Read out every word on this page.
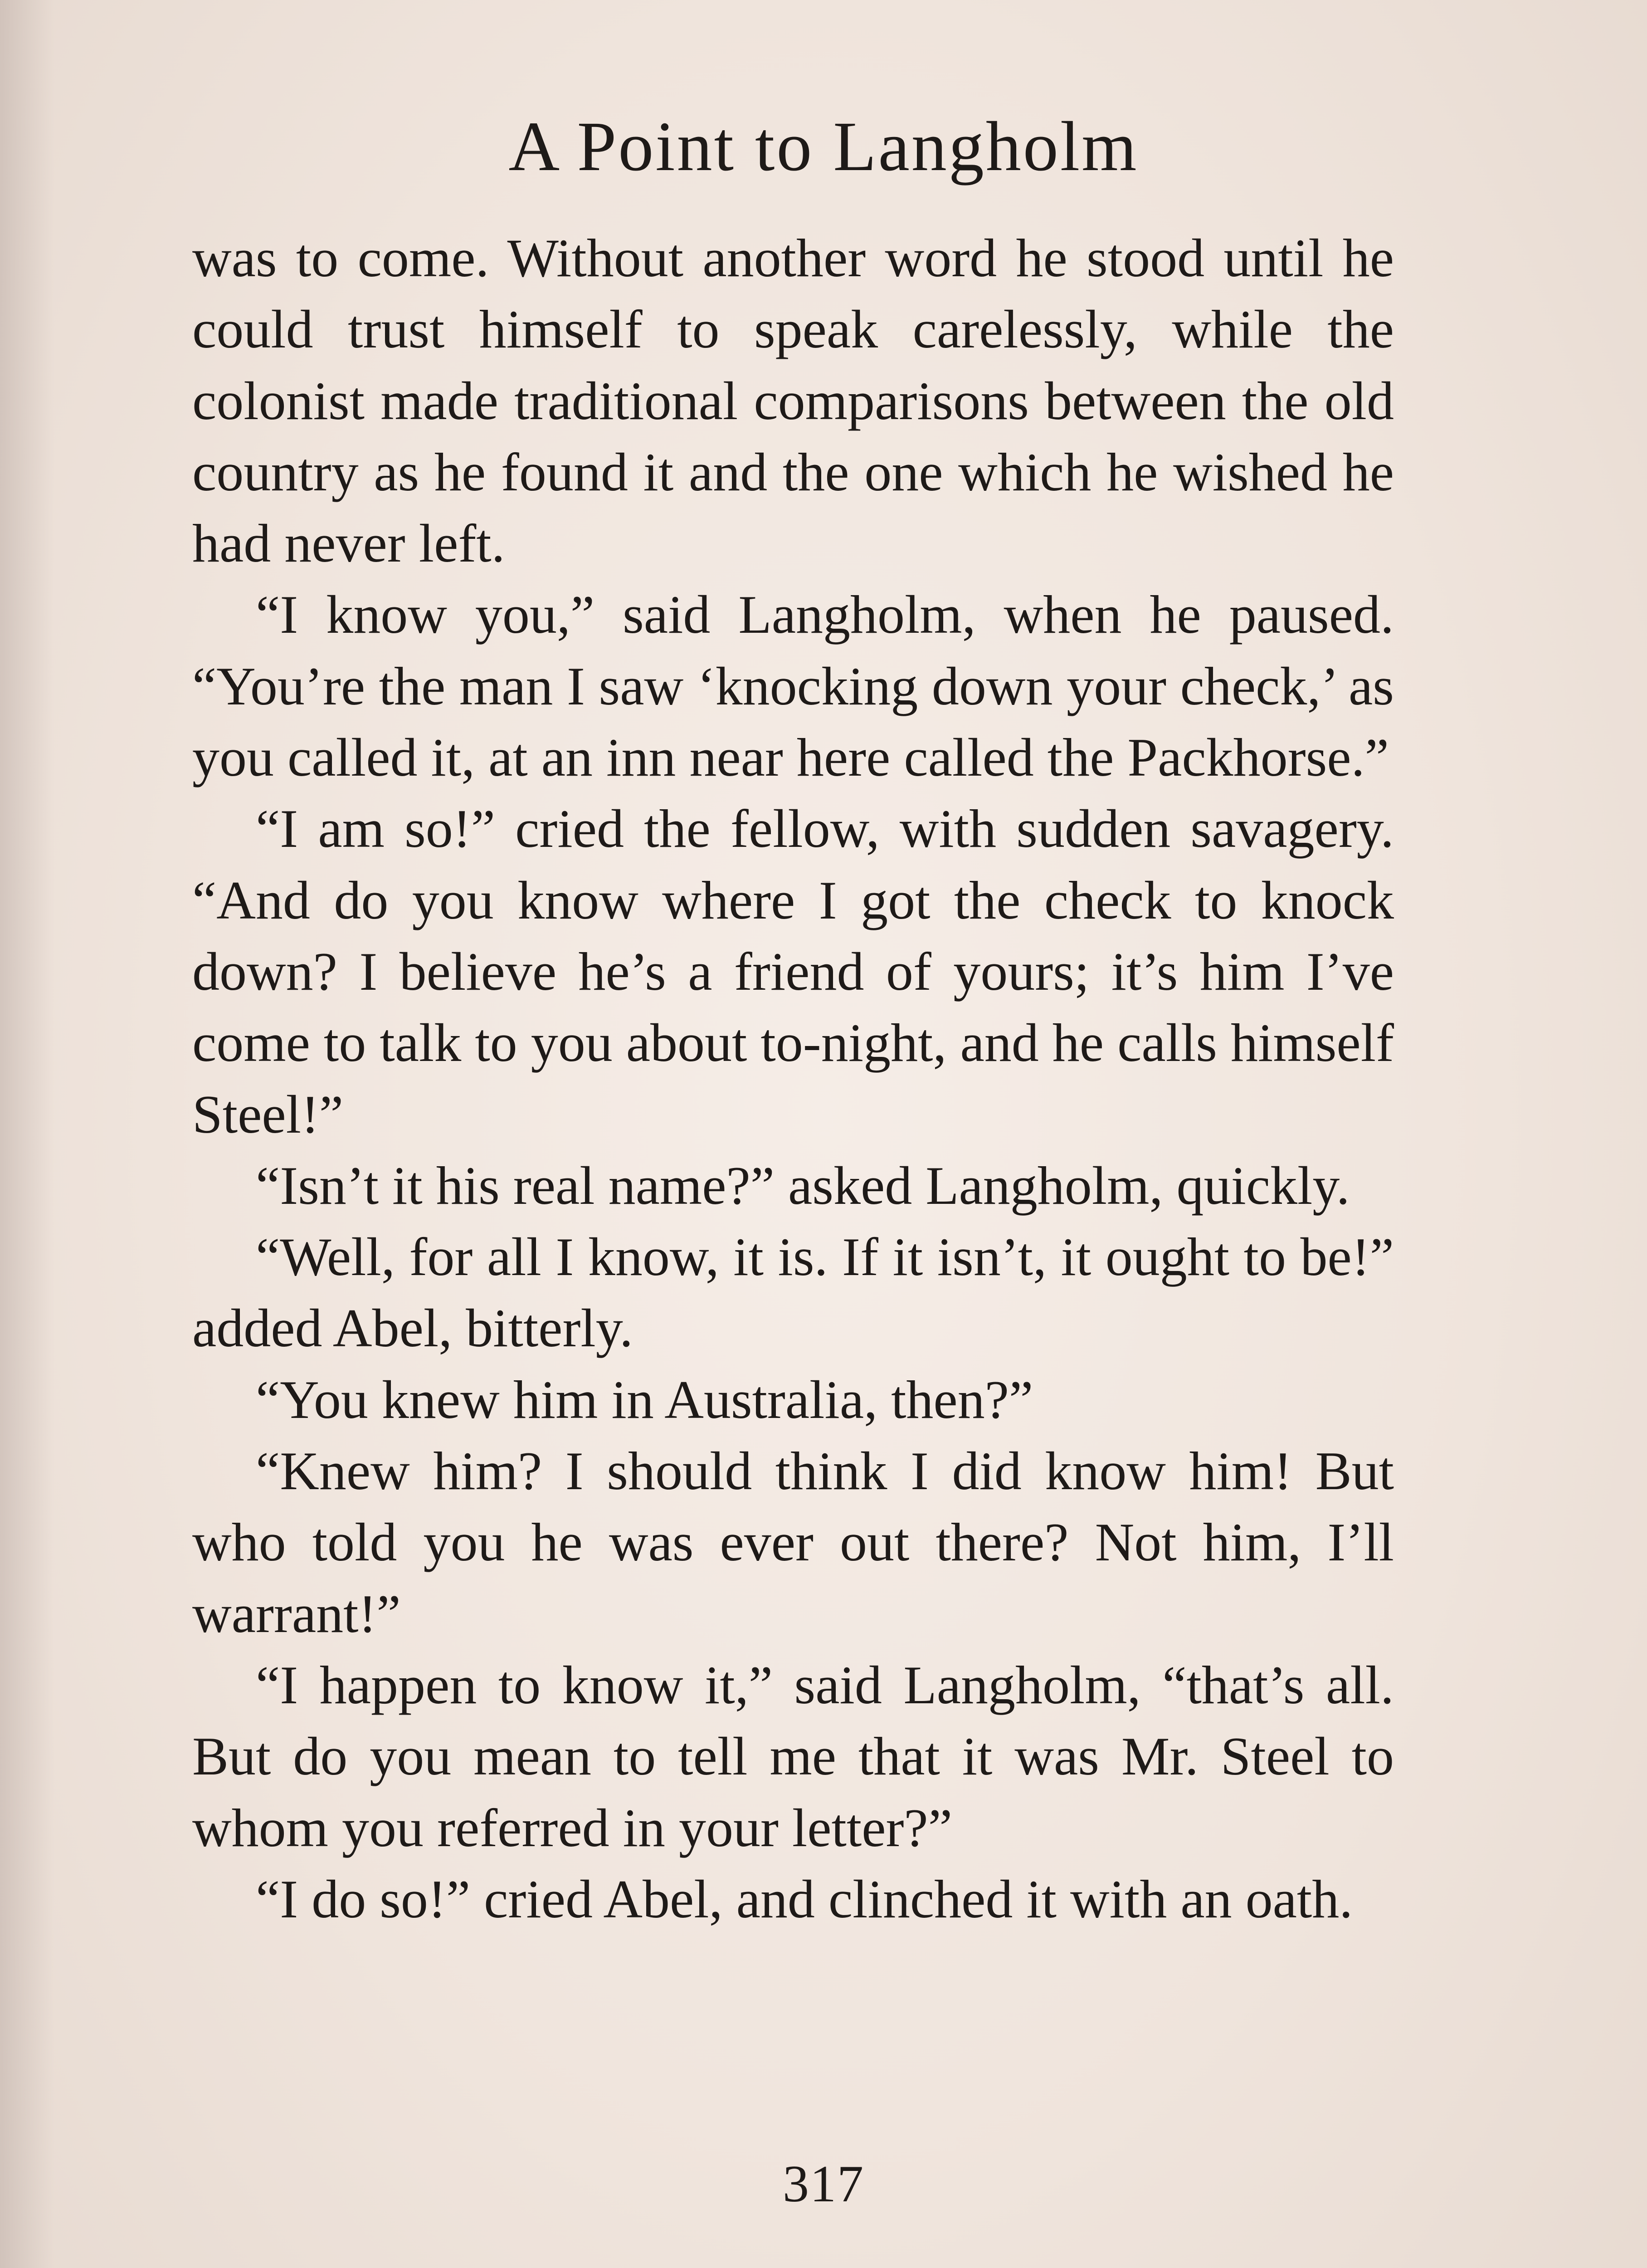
A Point to Langholm

was to come. Without another word he stood until he could trust himself to speak carelessly, while the colonist made traditional comparisons between the old country as he found it and the one which he wished he had never left.

“I know you,” said Langholm, when he paused. “You’re the man I saw ‘knocking down your check,’ as you called it, at an inn near here called the Packhorse.”

“I am so!” cried the fellow, with sudden savagery. “And do you know where I got the check to knock down? I believe he’s a friend of yours; it’s him I’ve come to talk to you about to-night, and he calls himself Steel!”

“Isn’t it his real name?” asked Langholm, quickly.

“Well, for all I know, it is. If it isn’t, it ought to be!” added Abel, bitterly.

“You knew him in Australia, then?”

“Knew him? I should think I did know him! But who told you he was ever out there? Not him, I’ll warrant!”

“I happen to know it,” said Langholm, “that’s all. But do you mean to tell me that it was Mr. Steel to whom you referred in your letter?”

“I do so!” cried Abel, and clinched it with an oath.

317
